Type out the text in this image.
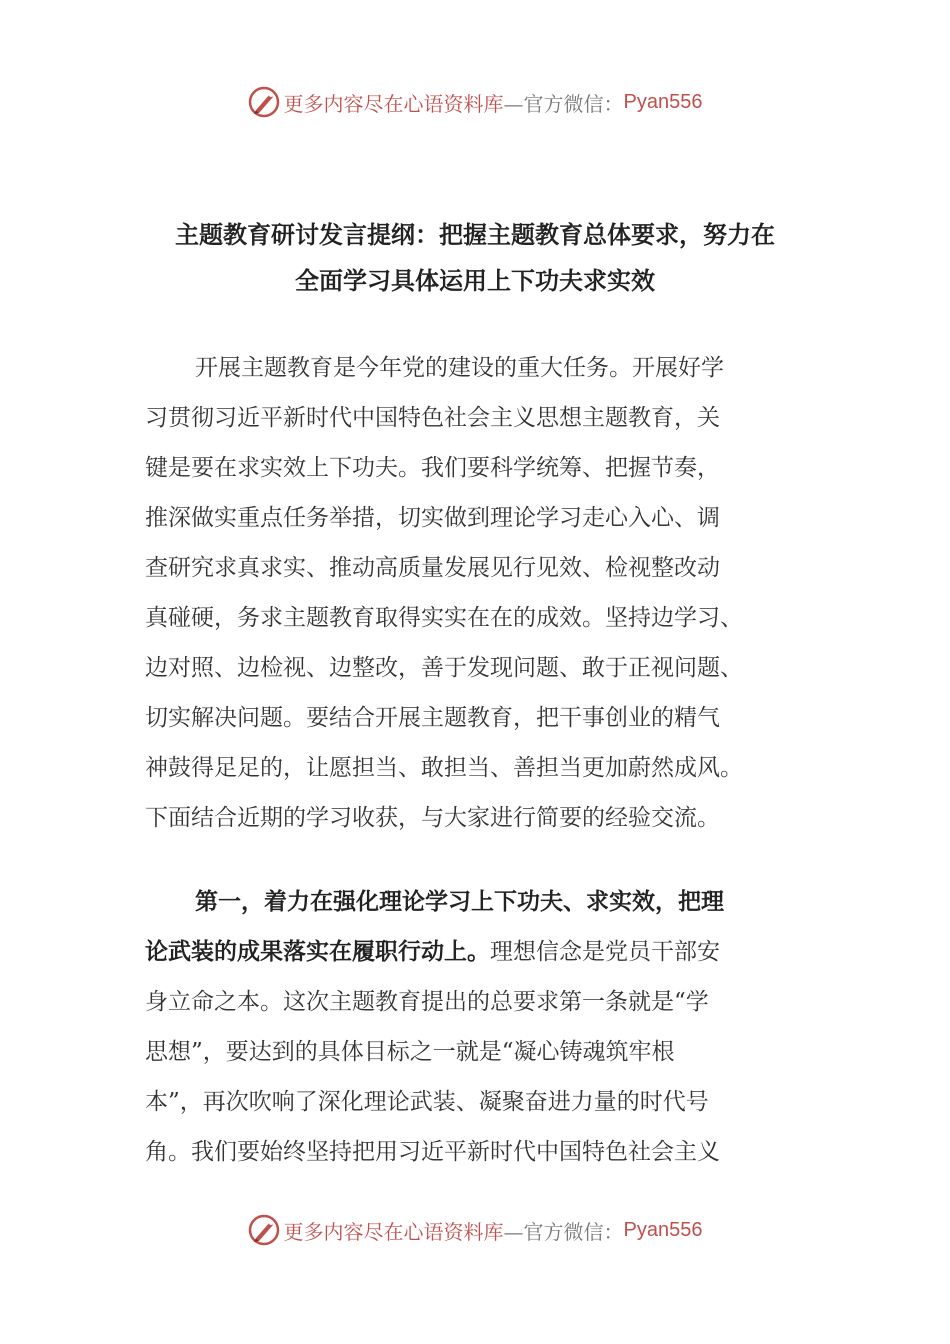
更多内容尽在心语资料库 —官方微信： Pyan556
主题教育研讨发言提纲：把握主题教育总体要求，努力在
全面学习具体运用上下功夫求实效
开展主题教育是今年党的建设的重大任务。开展好学
习贯彻习近平新时代中国特色社会主义思想主题教育，关
键是要在求实效上下功夫。我们要科学统筹、把握节奏，
推深做实重点任务举措，切实做到理论学习走心入心、调
查研究求真求实、推动高质量发展见行见效、检视整改动
真碰硬，务求主题教育取得实实在在的成效。坚持边学习、
边对照、边检视、边整改，善于发现问题、敢于正视问题、
切实解决问题。要结合开展主题教育，把干事创业的精气
神鼓得足足的，让愿担当、敢担当、善担当更加蔚然成风。
下面结合近期的学习收获，与大家进行简要的经验交流。
第一，着力在强化理论学习上下功夫、求实效，把理
论武装的成果落实在履职行动上。理想信念是党员干部安
身立命之本。这次主题教育提出的总要求第一条就是“学
思想”，要达到的具体目标之一就是“凝心铸魂筑牢根
本”，再次吹响了深化理论武装、凝聚奋进力量的时代号
角。我们要始终坚持把用习近平新时代中国特色社会主义
更多内容尽在心语资料库 —官方微信： Pyan556
